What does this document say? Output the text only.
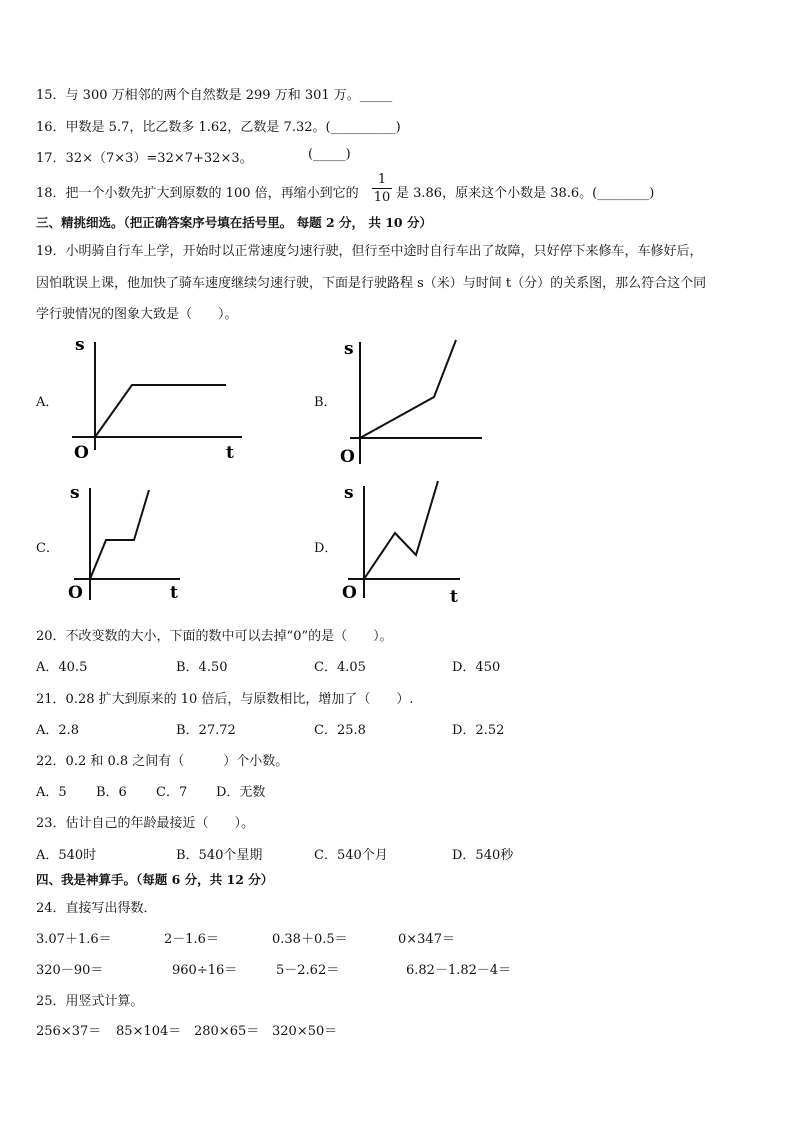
15．与 300 万相邻的两个自然数是 299 万和 301 万。_____
16．甲数是 5.7，比乙数多 1.62，乙数是 7.32。(__________)
17．32×（7×3）=32×7+32×3。	(_____)
18．把一个小数先扩大到原数的 100 倍，再缩小到它的
1
10 是 3.86，原来这个小数是 38.6。(________)
三、精挑细选。（把正确答案序号填在括号里。 每题 2 分， 共 10 分）
19．小明骑自行车上学，开始时以正常速度匀速行驶，但行至中途时自行车出了故障，只好停下来修车，车修好后，
因怕耽误上课，他加快了骑车速度继续匀速行驶，下面是行驶路程 s（米）与时间 t（分）的关系图，那么符合这个同
学行驶情况的图象大致是（　　）。
A．
s
O	t
B．
s
O
C．
s
O	t
D．
s
O	t
20．不改变数的大小，下面的数中可以去掉“0”的是（　　）。
A．40.5	B．4.50	C．4.05	D．450
21．0.28 扩大到原来的 10 倍后，与原数相比，增加了（　　）.
A．2.8	B．27.72	C．25.8	D．2.52
22．0.2 和 0.8 之间有（　　　）个小数。
A．5 B．6 C．7 D．无数
23．估计自己的年龄最接近（　　）。
A．540时	B．540个星期	C．540个月	D．540秒
四、我是神算手。（每题 6 分，共 12 分）
24．直接写出得数．
3.07＋1.6＝	2－1.6＝	0.38＋0.5＝	0×347＝
320－90＝	960÷16＝	5－2.62＝	6.82－1.82－4＝
25．用竖式计算。
256×37＝ 85×104＝ 280×65＝ 320×50＝
